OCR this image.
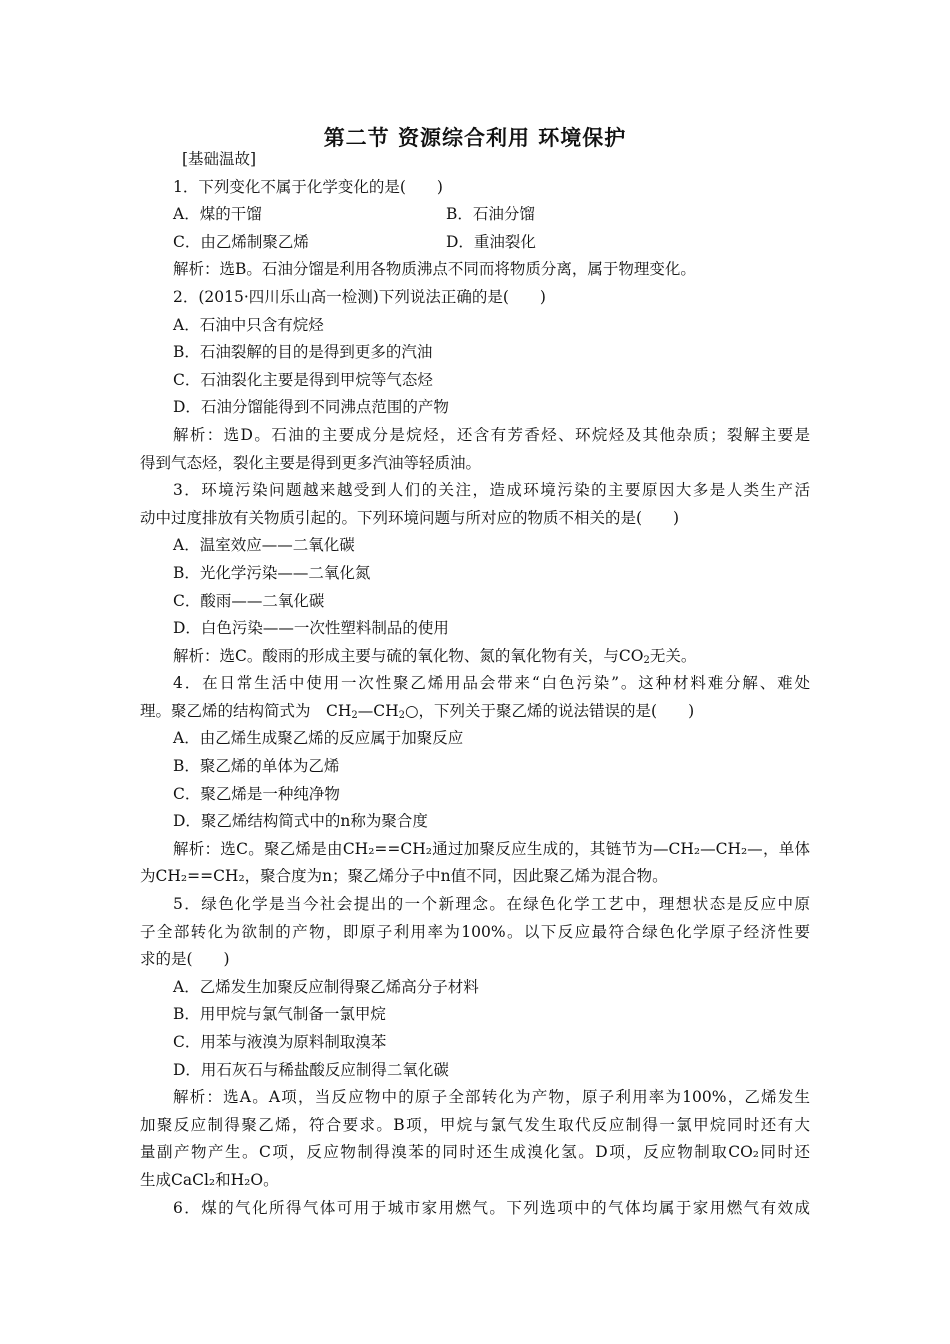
第二节 资源综合利用 环境保护
[基础温故]
1．下列变化不属于化学变化的是(　　)
A．煤的干馏	B．石油分馏
C．由乙烯制聚乙烯	D．重油裂化
解析：选B。石油分馏是利用各物质沸点不同而将物质分离，属于物理变化。
2．(2015·四川乐山高一检测)下列说法正确的是(　　)
A．石油中只含有烷烃
B．石油裂解的目的是得到更多的汽油
C．石油裂化主要是得到甲烷等气态烃
D．石油分馏能得到不同沸点范围的产物
解析：选D。石油的主要成分是烷烃，还含有芳香烃、环烷烃及其他杂质；裂解主要是
得到气态烃，裂化主要是得到更多汽油等轻质油。
3．环境污染问题越来越受到人们的关注，造成环境污染的主要原因大多是人类生产活
动中过度排放有关物质引起的。下列环境问题与所对应的物质不相关的是(　　)
A．温室效应——二氧化碳
B．光化学污染——二氧化氮
C．酸雨——二氧化碳
D．白色污染——一次性塑料制品的使用
解析：选C。酸雨的形成主要与硫的氧化物、氮的氧化物有关，与$CO_2$无关。
4．在日常生活中使用一次性聚乙烯用品会带来“白色污染”。这种材料难分解、难处
理。聚乙烯的结构简式为　$CH_2—CH_2○$，下列关于聚乙烯的说法错误的是(　　)
A．由乙烯生成聚乙烯的反应属于加聚反应
B．聚乙烯的单体为乙烯
C．聚乙烯是一种纯净物
D．聚乙烯结构简式中的n称为聚合度
解析：选C。聚乙烯是由CH₂==CH₂通过加聚反应生成的，其链节为—CH₂—CH₂—，单体
为CH₂==CH₂，聚合度为n；聚乙烯分子中n值不同，因此聚乙烯为混合物。
5．绿色化学是当今社会提出的一个新理念。在绿色化学工艺中，理想状态是反应中原
子全部转化为欲制的产物，即原子利用率为100%。以下反应最符合绿色化学原子经济性要
求的是(　　)
A．乙烯发生加聚反应制得聚乙烯高分子材料
B．用甲烷与氯气制备一氯甲烷
C．用苯与液溴为原料制取溴苯
D．用石灰石与稀盐酸反应制得二氧化碳
解析：选A。A项，当反应物中的原子全部转化为产物，原子利用率为100%，乙烯发生
加聚反应制得聚乙烯，符合要求。B项，甲烷与氯气发生取代反应制得一氯甲烷同时还有大
量副产物产生。C项，反应物制得溴苯的同时还生成溴化氢。D项，反应物制取CO₂同时还
生成CaCl₂和H₂O。
6．煤的气化所得气体可用于城市家用燃气。下列选项中的气体均属于家用燃气有效成
